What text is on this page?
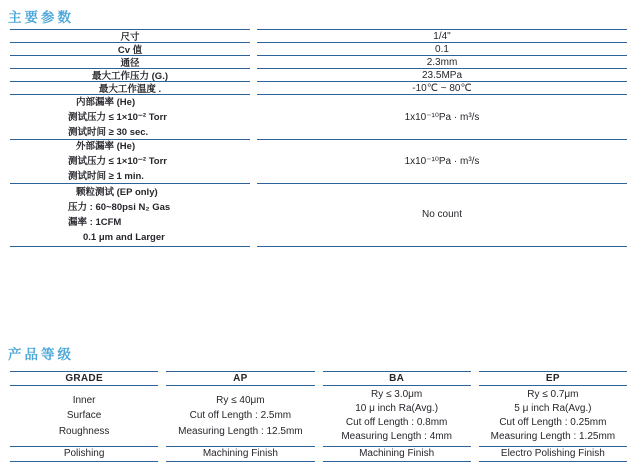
主要参数
尺寸
Cv 值
通径
最大工作压力 (G.)
最大工作温度 .
内部漏率 (He)
测试压力 ≤ 1×10⁻² Torr
测试时间 ≥ 30 sec.
外部漏率 (He)
测试压力 ≤ 1×10⁻² Torr
测试时间 ≥ 1 min.
颗粒测试 (EP only)
压力 : 60~80psi N₂ Gas
漏率 : 1CFM
0.1 μm and Larger
1/4"
0.1
2.3mm
23.5MPa
-10℃ ~ 80℃
1x10⁻¹⁰Pa · m³/s
1x10⁻¹⁰Pa · m³/s
No count
产品等级
GRADE
Inner
Surface
Roughness
Polishing
AP
Ry ≤ 40μm
Cut off Length : 2.5mm
Measuring Length : 12.5mm
Machining Finish
BA
Ry ≤ 3.0μm
10 μ inch Ra(Avg.)
Cut off Length : 0.8mm
Measuring Length : 4mm
Machining Finish
EP
Ry ≤ 0.7μm
5 μ inch Ra(Avg.)
Cut off Length : 0.25mm
Measuring Length : 1.25mm
Electro Polishing Finish
